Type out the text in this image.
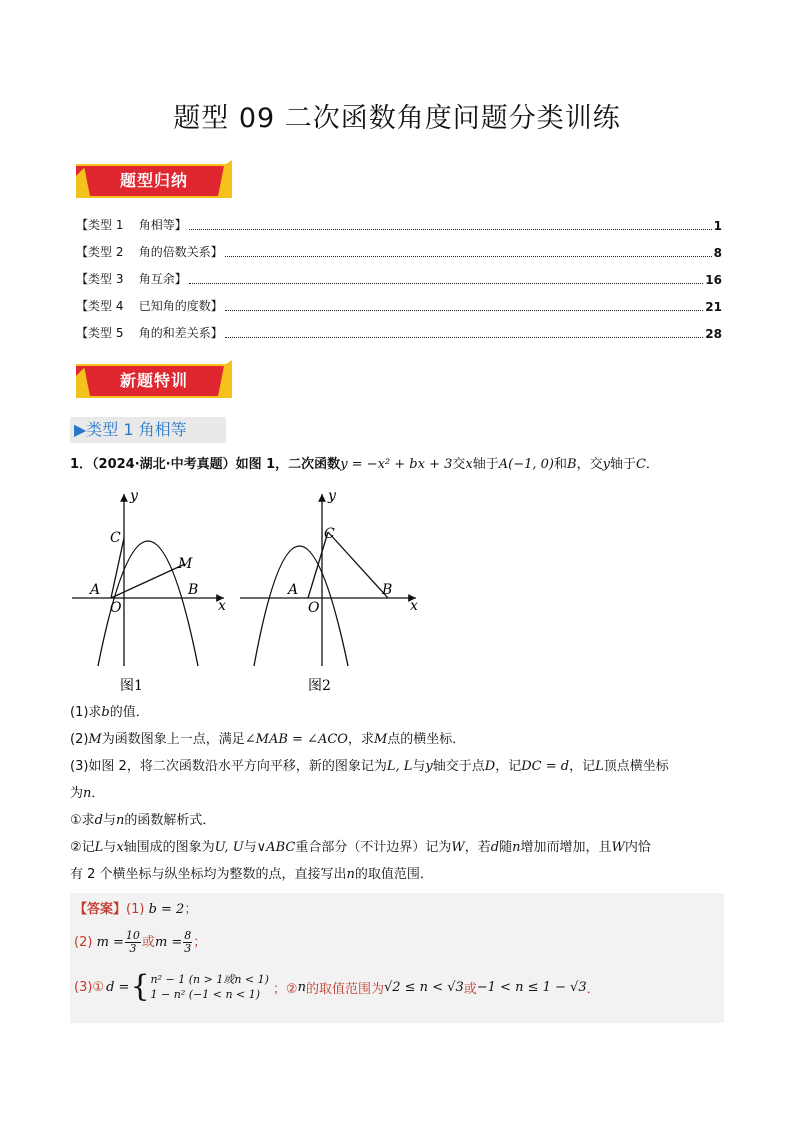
题型 09 二次函数角度问题分类训练
题型归纳
【类型 1    角相等】	1
【类型 2    角的倍数关系】	8
【类型 3    角互余】	16
【类型 4    已知角的度数】	21
【类型 5    角的和差关系】	28
新题特训
▶类型 1 角相等
1．（2024·湖北·中考真题）如图 1，二次函数y = −x² + bx + 3交x轴于A(−1, 0)和B，交y轴于C．
x
y
O
A	B
C
M
图1
x
y
O
A	B
C
图2
(1)求b的值．
(2)M为函数图象上一点，满足∠MAB = ∠ACO，求M点的横坐标．
(3)如图 2，将二次函数沿水平方向平移，新的图象记为L, L与y轴交于点D，记DC = d，记L顶点横坐标
为n．
①求d与n的函数解析式．
②记L与x轴围成的图象为U, U与∨ABC重合部分（不计边界）记为W，若d随n增加而增加，且W内恰
有 2 个横坐标与纵坐标均为整数的点，直接写出n的取值范围．
【答案】(1) b = 2；
(2) $m = \frac{10}{3}$ 或$m = \frac{8}{3}$ ；
(3)① d = { n² − 1 (n > 1或n < 1)
1 − n² (−1 < n < 1) ；② n 的取值范围为 √2 ≤ n < √3 或 −1 < n ≤ 1 − √3 ．
